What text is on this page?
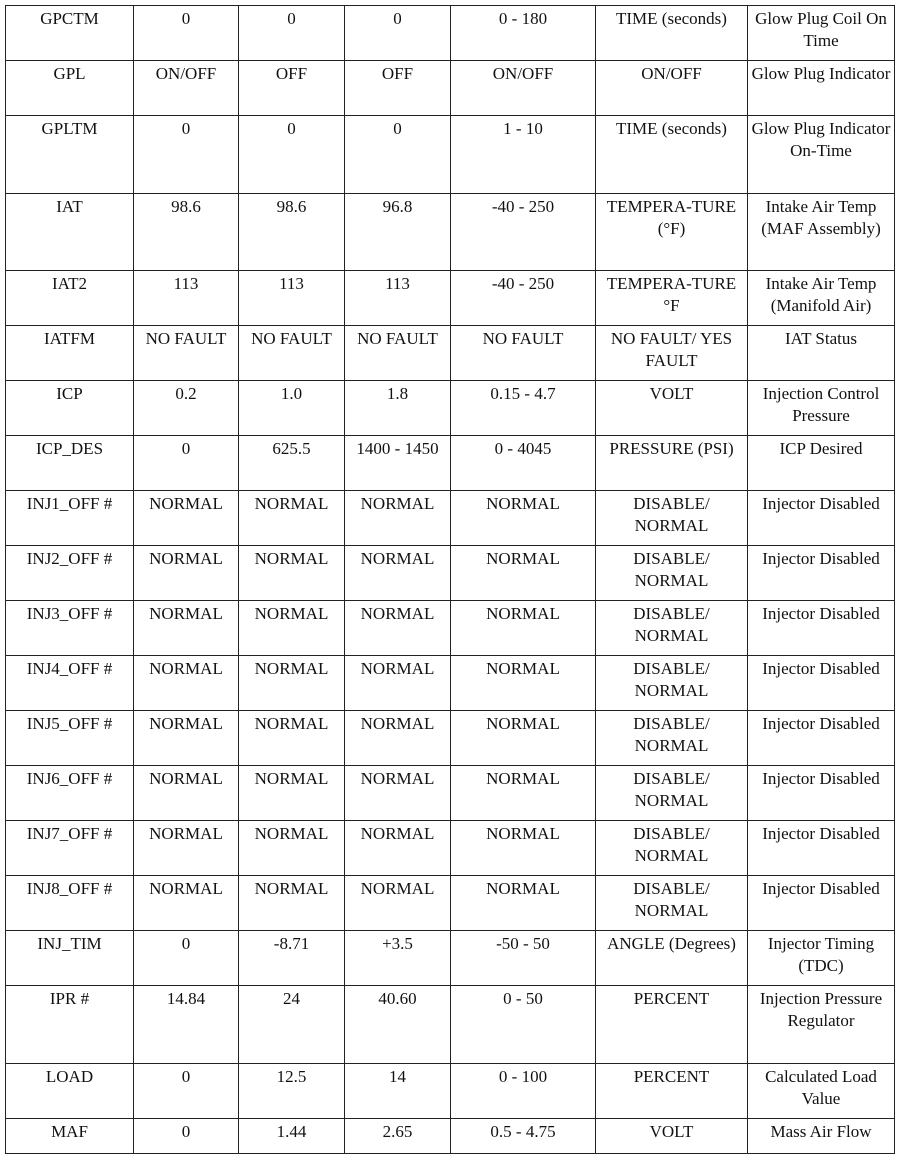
GPCTM	0	0	0	0 - 180	TIME (seconds)	Glow Plug Coil On Time
GPL	ON/OFF	OFF	OFF	ON/OFF	ON/OFF	Glow Plug Indicator
GPLTM	0	0	0	1 - 10	TIME (seconds)	Glow Plug Indicator On-Time
IAT	98.6	98.6	96.8	-40 - 250	TEMPERA-TURE (°F)	Intake Air Temp (MAF Assembly)
IAT2	113	113	113	-40 - 250	TEMPERA-TURE °F	Intake Air Temp (Manifold Air)
IATFM	NO FAULT	NO FAULT	NO FAULT	NO FAULT	NO FAULT/ YES FAULT	IAT Status
ICP	0.2	1.0	1.8	0.15 - 4.7	VOLT	Injection Control Pressure
ICP_DES	0	625.5	1400 - 1450	0 - 4045	PRESSURE (PSI)	ICP Desired
INJ1_OFF #	NORMAL	NORMAL	NORMAL	NORMAL	DISABLE/ NORMAL	Injector Disabled
INJ2_OFF #	NORMAL	NORMAL	NORMAL	NORMAL	DISABLE/ NORMAL	Injector Disabled
INJ3_OFF #	NORMAL	NORMAL	NORMAL	NORMAL	DISABLE/ NORMAL	Injector Disabled
INJ4_OFF #	NORMAL	NORMAL	NORMAL	NORMAL	DISABLE/ NORMAL	Injector Disabled
INJ5_OFF #	NORMAL	NORMAL	NORMAL	NORMAL	DISABLE/ NORMAL	Injector Disabled
INJ6_OFF #	NORMAL	NORMAL	NORMAL	NORMAL	DISABLE/ NORMAL	Injector Disabled
INJ7_OFF #	NORMAL	NORMAL	NORMAL	NORMAL	DISABLE/ NORMAL	Injector Disabled
INJ8_OFF #	NORMAL	NORMAL	NORMAL	NORMAL	DISABLE/ NORMAL	Injector Disabled
INJ_TIM	0	-8.71	+3.5	-50 - 50	ANGLE (Degrees)	Injector Timing (TDC)
IPR #	14.84	24	40.60	0 - 50	PERCENT	Injection Pressure Regulator
LOAD	0	12.5	14	0 - 100	PERCENT	Calculated Load Value
MAF	0	1.44	2.65	0.5 - 4.75	VOLT	Mass Air Flow
